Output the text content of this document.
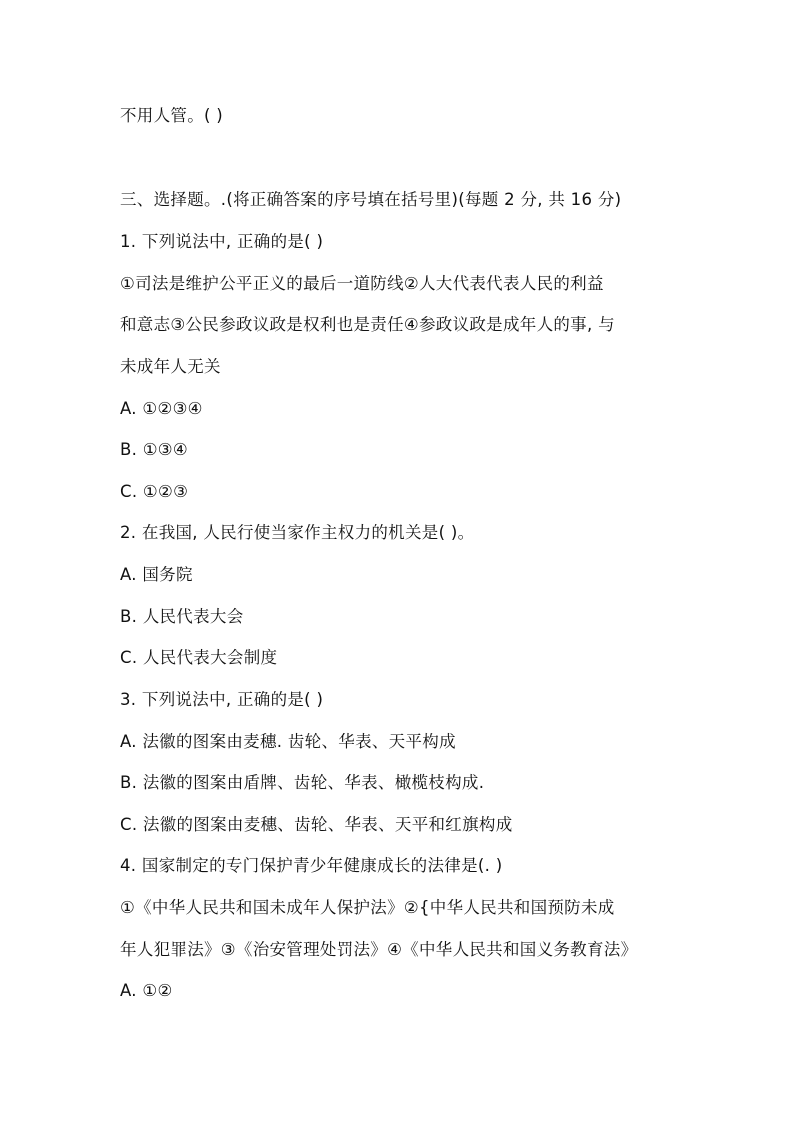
不用人管。( )
三、选择题。.(将正确答案的序号填在括号里)(每题 2 分, 共 16 分)
1. 下列说法中, 正确的是( )
①司法是维护公平正义的最后一道防线②人大代表代表人民的利益
和意志③公民参政议政是权利也是责任④参政议政是成年人的事, 与
未成年人无关
A. ①②③④
B. ①③④
C. ①②③
2. 在我国, 人民行使当家作主权力的机关是( )。
A. 国务院
B. 人民代表大会
C. 人民代表大会制度
3. 下列说法中, 正确的是( )
A. 法徽的图案由麦穗. 齿轮、华表、天平构成
B. 法徽的图案由盾牌、齿轮、华表、橄榄枝构成.
C. 法徽的图案由麦穗、齿轮、华表、天平和红旗构成
4. 国家制定的专门保护青少年健康成长的法律是(. )
①《中华人民共和国未成年人保护法》②{中华人民共和国预防未成
年人犯罪法》③《治安管理处罚法》④《中华人民共和国义务教育法》
A. ①②
